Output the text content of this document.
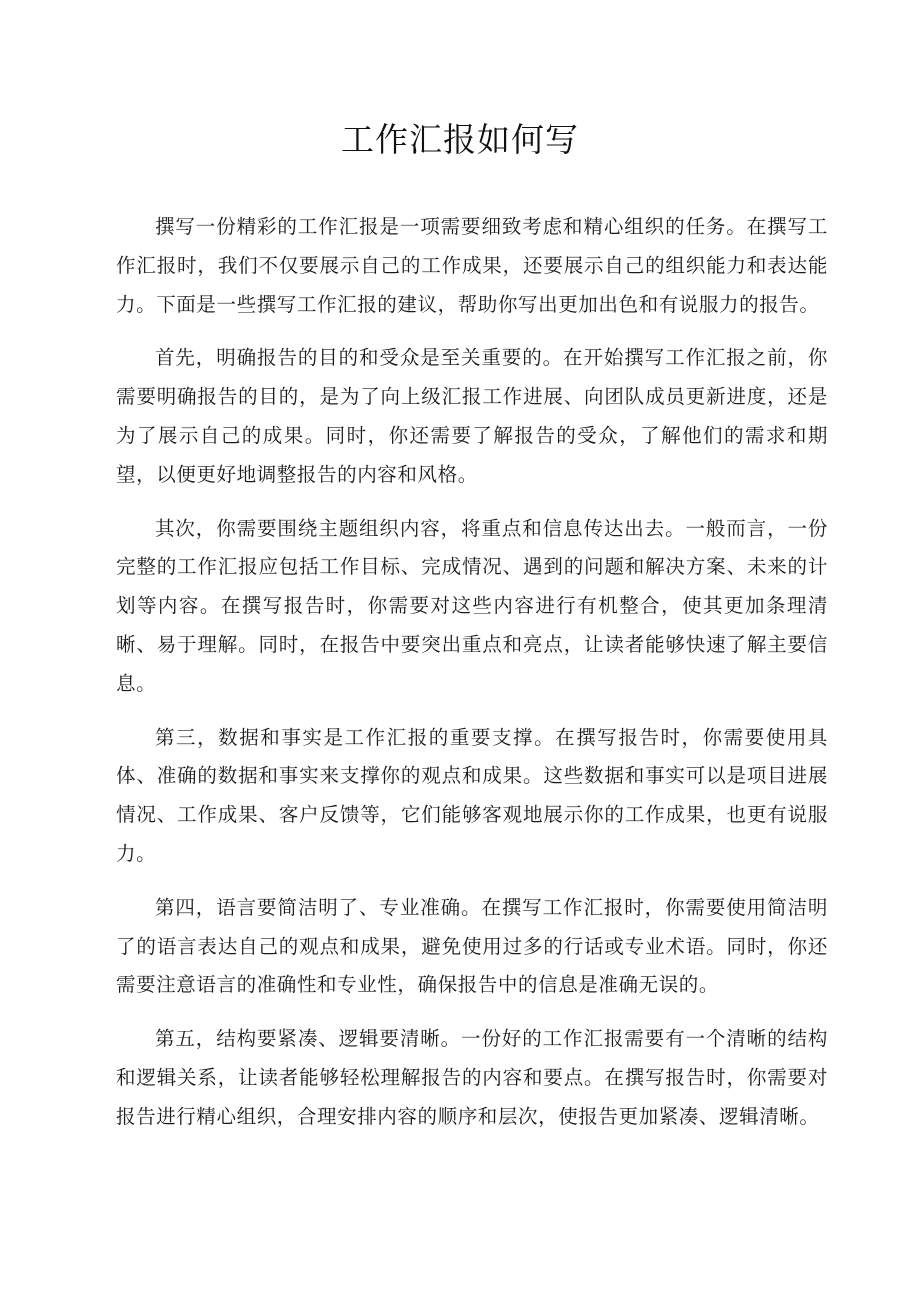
工作汇报如何写

撰写一份精彩的工作汇报是一项需要细致考虑和精心组织的任务。在撰写工作汇报时，我们不仅要展示自己的工作成果，还要展示自己的组织能力和表达能力。下面是一些撰写工作汇报的建议，帮助你写出更加出色和有说服力的报告。

首先，明确报告的目的和受众是至关重要的。在开始撰写工作汇报之前，你需要明确报告的目的，是为了向上级汇报工作进展、向团队成员更新进度，还是为了展示自己的成果。同时，你还需要了解报告的受众，了解他们的需求和期望，以便更好地调整报告的内容和风格。

其次，你需要围绕主题组织内容，将重点和信息传达出去。一般而言，一份完整的工作汇报应包括工作目标、完成情况、遇到的问题和解决方案、未来的计划等内容。在撰写报告时，你需要对这些内容进行有机整合，使其更加条理清晰、易于理解。同时，在报告中要突出重点和亮点，让读者能够快速了解主要信息。

第三，数据和事实是工作汇报的重要支撑。在撰写报告时，你需要使用具体、准确的数据和事实来支撑你的观点和成果。这些数据和事实可以是项目进展情况、工作成果、客户反馈等，它们能够客观地展示你的工作成果，也更有说服力。

第四，语言要简洁明了、专业准确。在撰写工作汇报时，你需要使用简洁明了的语言表达自己的观点和成果，避免使用过多的行话或专业术语。同时，你还需要注意语言的准确性和专业性，确保报告中的信息是准确无误的。

第五，结构要紧凑、逻辑要清晰。一份好的工作汇报需要有一个清晰的结构和逻辑关系，让读者能够轻松理解报告的内容和要点。在撰写报告时，你需要对报告进行精心组织，合理安排内容的顺序和层次，使报告更加紧凑、逻辑清晰。
